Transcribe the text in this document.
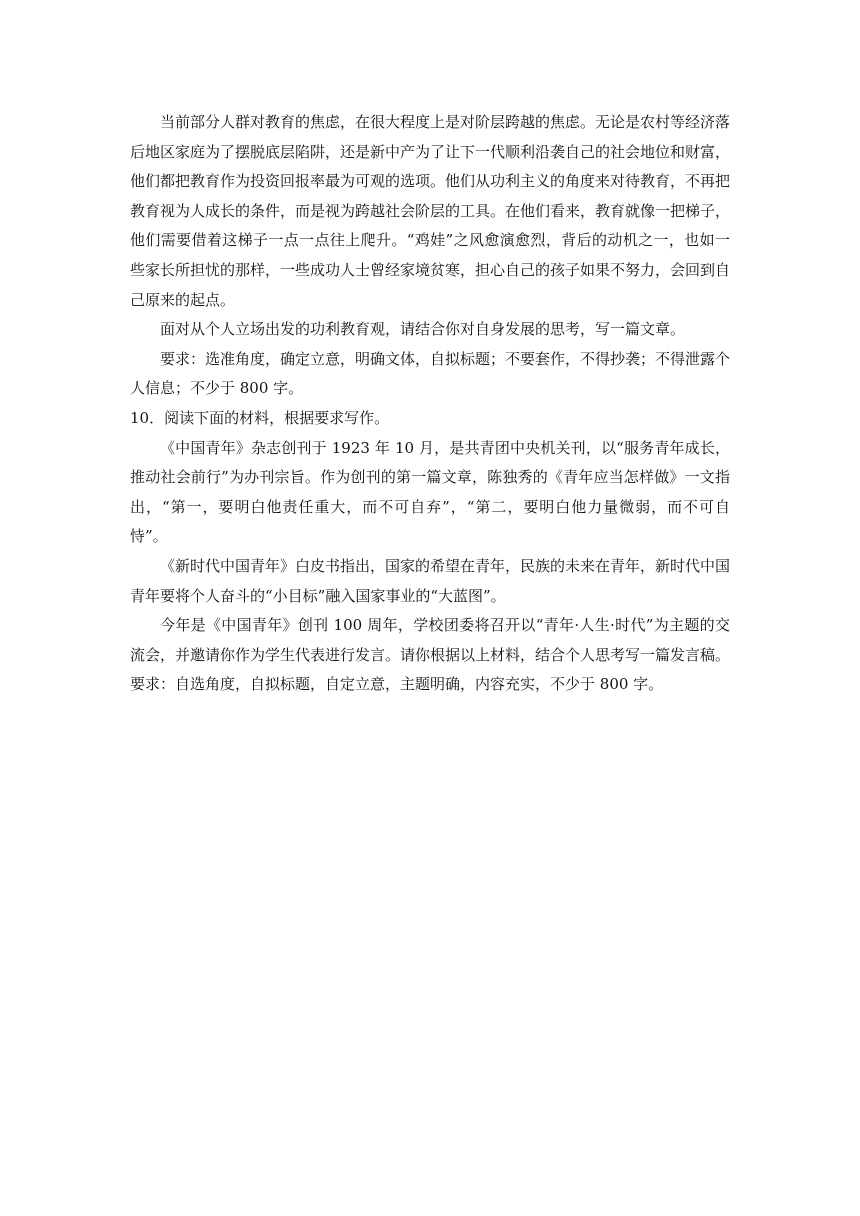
当前部分人群对教育的焦虑，在很大程度上是对阶层跨越的焦虑。无论是农村等经济落后地区家庭为了摆脱底层陷阱，还是新中产为了让下一代顺利沿袭自己的社会地位和财富，他们都把教育作为投资回报率最为可观的选项。他们从功利主义的角度来对待教育，不再把教育视为人成长的条件，而是视为跨越社会阶层的工具。在他们看来，教育就像一把梯子，他们需要借着这梯子一点一点往上爬升。“鸡娃”之风愈演愈烈，背后的动机之一，也如一些家长所担忧的那样，一些成功人士曾经家境贫寒，担心自己的孩子如果不努力，会回到自己原来的起点。

面对从个人立场出发的功利教育观，请结合你对自身发展的思考，写一篇文章。

要求：选准角度，确定立意，明确文体，自拟标题；不要套作，不得抄袭；不得泄露个人信息；不少于 800 字。

10．阅读下面的材料，根据要求写作。

《中国青年》杂志创刊于 1923 年 10 月，是共青团中央机关刊，以“服务青年成长，推动社会前行”为办刊宗旨。作为创刊的第一篇文章，陈独秀的《青年应当怎样做》一文指出，“第一，要明白他责任重大，而不可自弃”，“第二，要明白他力量微弱，而不可自恃”。

《新时代中国青年》白皮书指出，国家的希望在青年，民族的未来在青年，新时代中国青年要将个人奋斗的“小目标”融入国家事业的“大蓝图”。

今年是《中国青年》创刊 100 周年，学校团委将召开以“青年·人生·时代”为主题的交流会，并邀请你作为学生代表进行发言。请你根据以上材料，结合个人思考写一篇发言稿。

要求：自选角度，自拟标题，自定立意，主题明确，内容充实，不少于 800 字。
